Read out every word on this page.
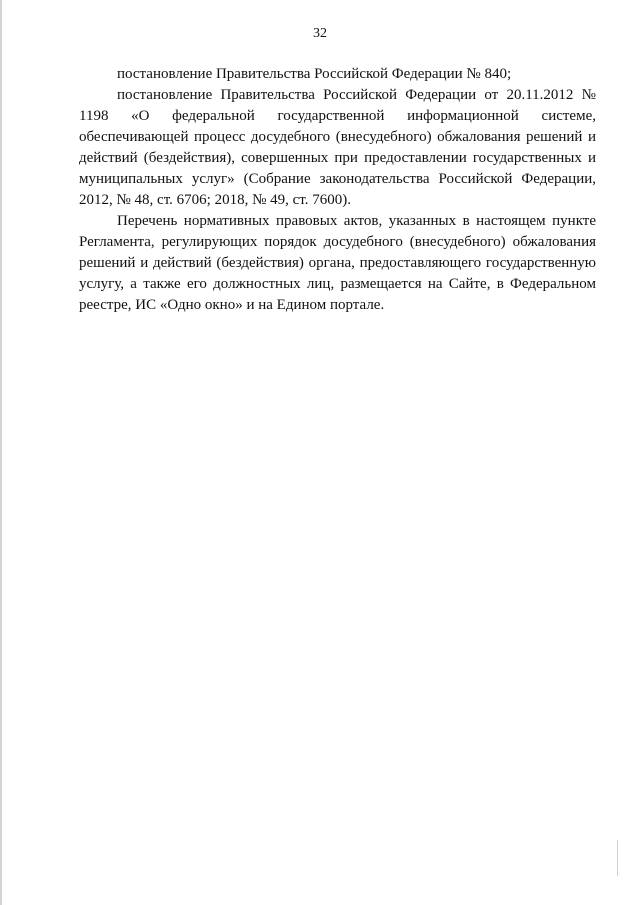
32

постановление Правительства Российской Федерации № 840;

постановление Правительства Российской Федерации от 20.11.2012 № 1198 «О федеральной государственной информационной системе, обеспечивающей процесс досудебного (внесудебного) обжалования решений и действий (бездействия), совершенных при предоставлении государственных и муниципальных услуг» (Собрание законодательства Российской Федерации, 2012, № 48, ст. 6706; 2018, № 49, ст. 7600).

Перечень нормативных правовых актов, указанных в настоящем пункте Регламента, регулирующих порядок досудебного (внесудебного) обжалования решений и действий (бездействия) органа, предоставляющего государственную услугу, а также его должностных лиц, размещается на Сайте, в Федеральном реестре, ИС «Одно окно» и на Едином портале.
